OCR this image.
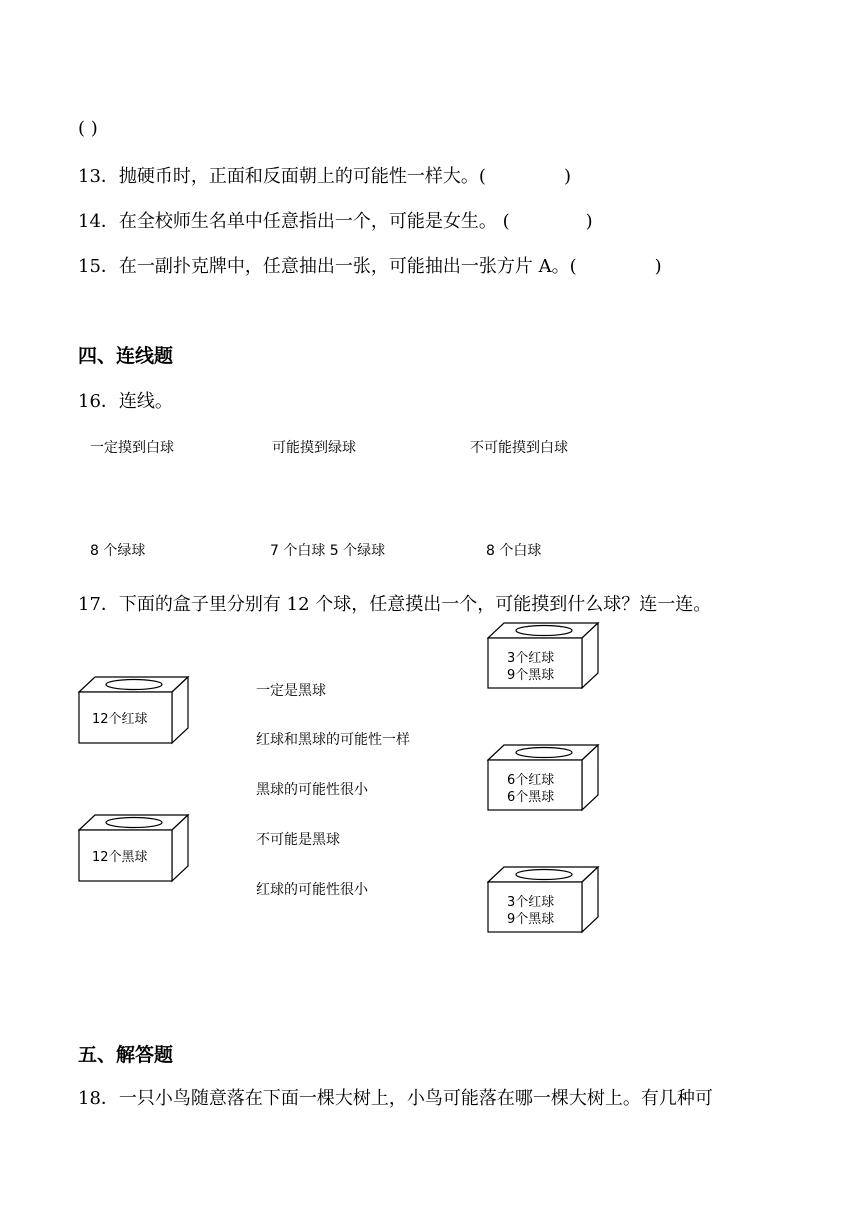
( )
13．抛硬币时，正面和反面朝上的可能性一样大。(	)
14．在全校师生名单中任意指出一个，可能是女生。 (	)
15．在一副扑克牌中，任意抽出一张，可能抽出一张方片 A。(	)
四、连线题
16．连线。
一定摸到白球	可能摸到绿球	不可能摸到白球
8 个绿球	7 个白球 5 个绿球	8 个白球
17．下面的盒子里分别有 12 个球，任意摸出一个，可能摸到什么球？连一连。
12个红球
12个黑球
一定是黑球
红球和黑球的可能性一样
黑球的可能性很小
不可能是黑球
红球的可能性很小
3个红球
9个黑球
6个红球
6个黑球
3个红球
9个黑球
五、解答题
18．一只小鸟随意落在下面一棵大树上，小鸟可能落在哪一棵大树上。有几种可
